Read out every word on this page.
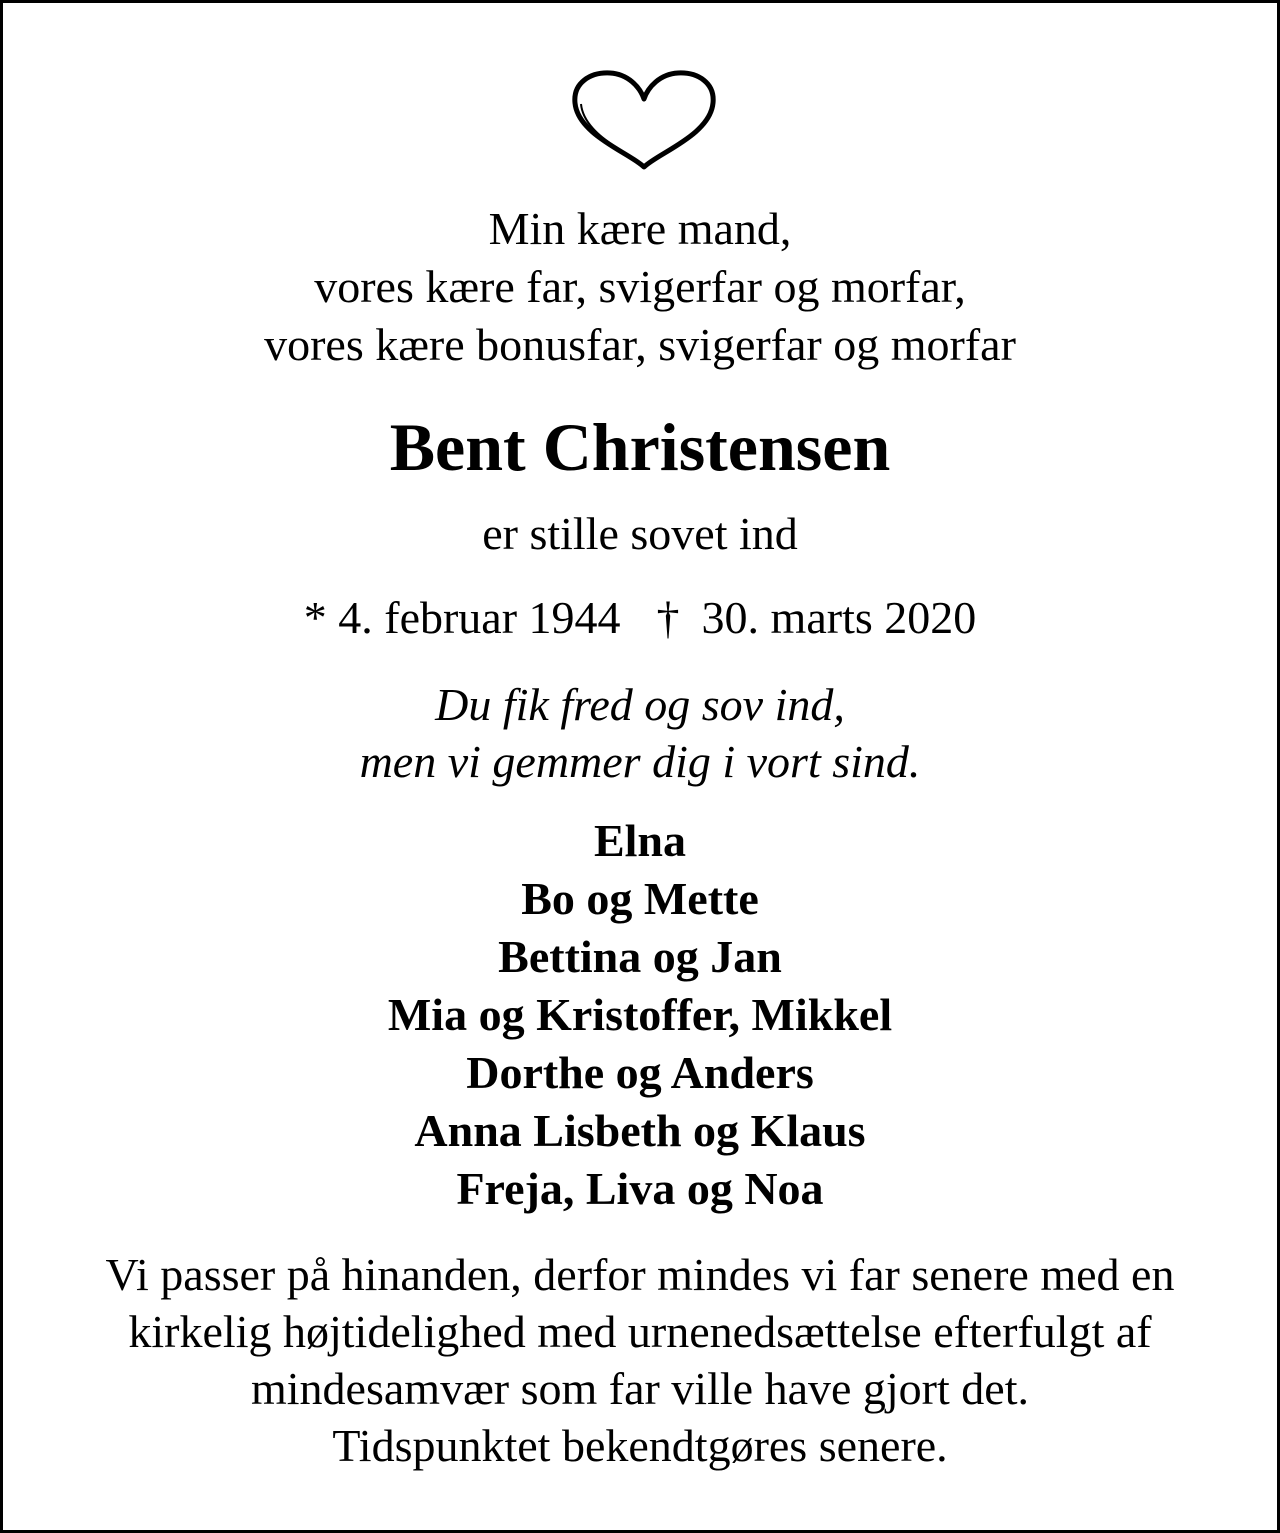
Min kære mand,
vores kære far, svigerfar og morfar,
vores kære bonusfar, svigerfar og morfar
Bent Christensen
er stille sovet ind
* 4. februar 1944 † 30. marts 2020
Du fik fred og sov ind,
men vi gemmer dig i vort sind.
Elna
Bo og Mette
Bettina og Jan
Mia og Kristoffer, Mikkel
Dorthe og Anders
Anna Lisbeth og Klaus
Freja, Liva og Noa
Vi passer på hinanden, derfor mindes vi far senere med en
kirkelig højtidelighed med urnenedsættelse efterfulgt af
mindesamvær som far ville have gjort det.
Tidspunktet bekendtgøres senere.
